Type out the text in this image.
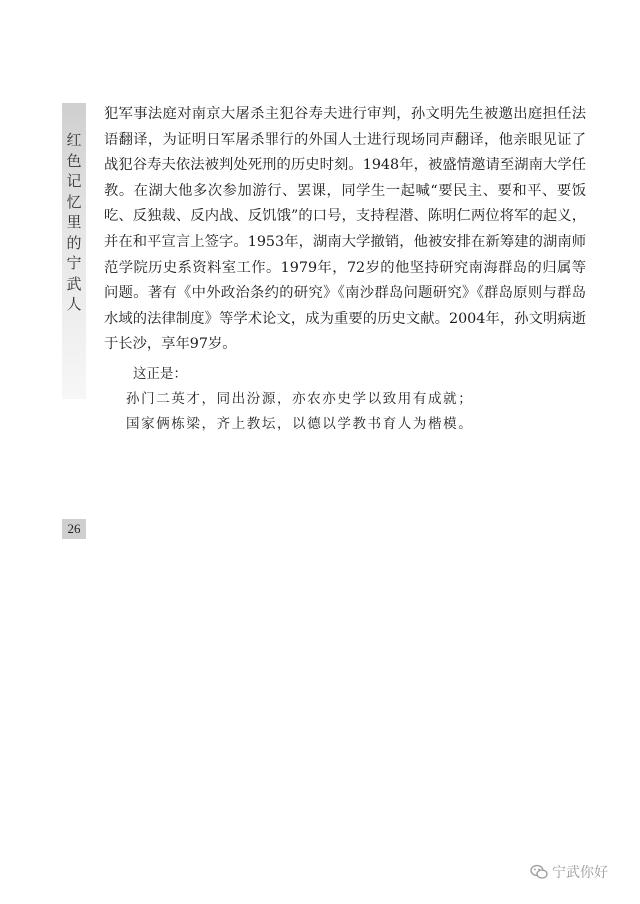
红色记忆里的宁武人
26

犯军事法庭对南京大屠杀主犯谷寿夫进行审判，孙文明先生被邀出庭担任法语翻译，为证明日军屠杀罪行的外国人士进行现场同声翻译，他亲眼见证了战犯谷寿夫依法被判处死刑的历史时刻。1948年，被盛情邀请至湖南大学任教。在湖大他多次参加游行、罢课，同学生一起喊“要民主、要和平、要饭吃、反独裁、反内战、反饥饿”的口号，支持程潜、陈明仁两位将军的起义，并在和平宣言上签字。1953年，湖南大学撤销，他被安排在新筹建的湖南师范学院历史系资料室工作。1979年，72岁的他坚持研究南海群岛的归属等问题。著有《中外政治条约的研究》《南沙群岛问题研究》《群岛原则与群岛水域的法律制度》等学术论文，成为重要的历史文献。2004年，孙文明病逝于长沙，享年97岁。

这正是：
孙门二英才，同出汾源，亦农亦史学以致用有成就；
国家俩栋梁，齐上教坛，以德以学教书育人为楷模。
宁武你好
